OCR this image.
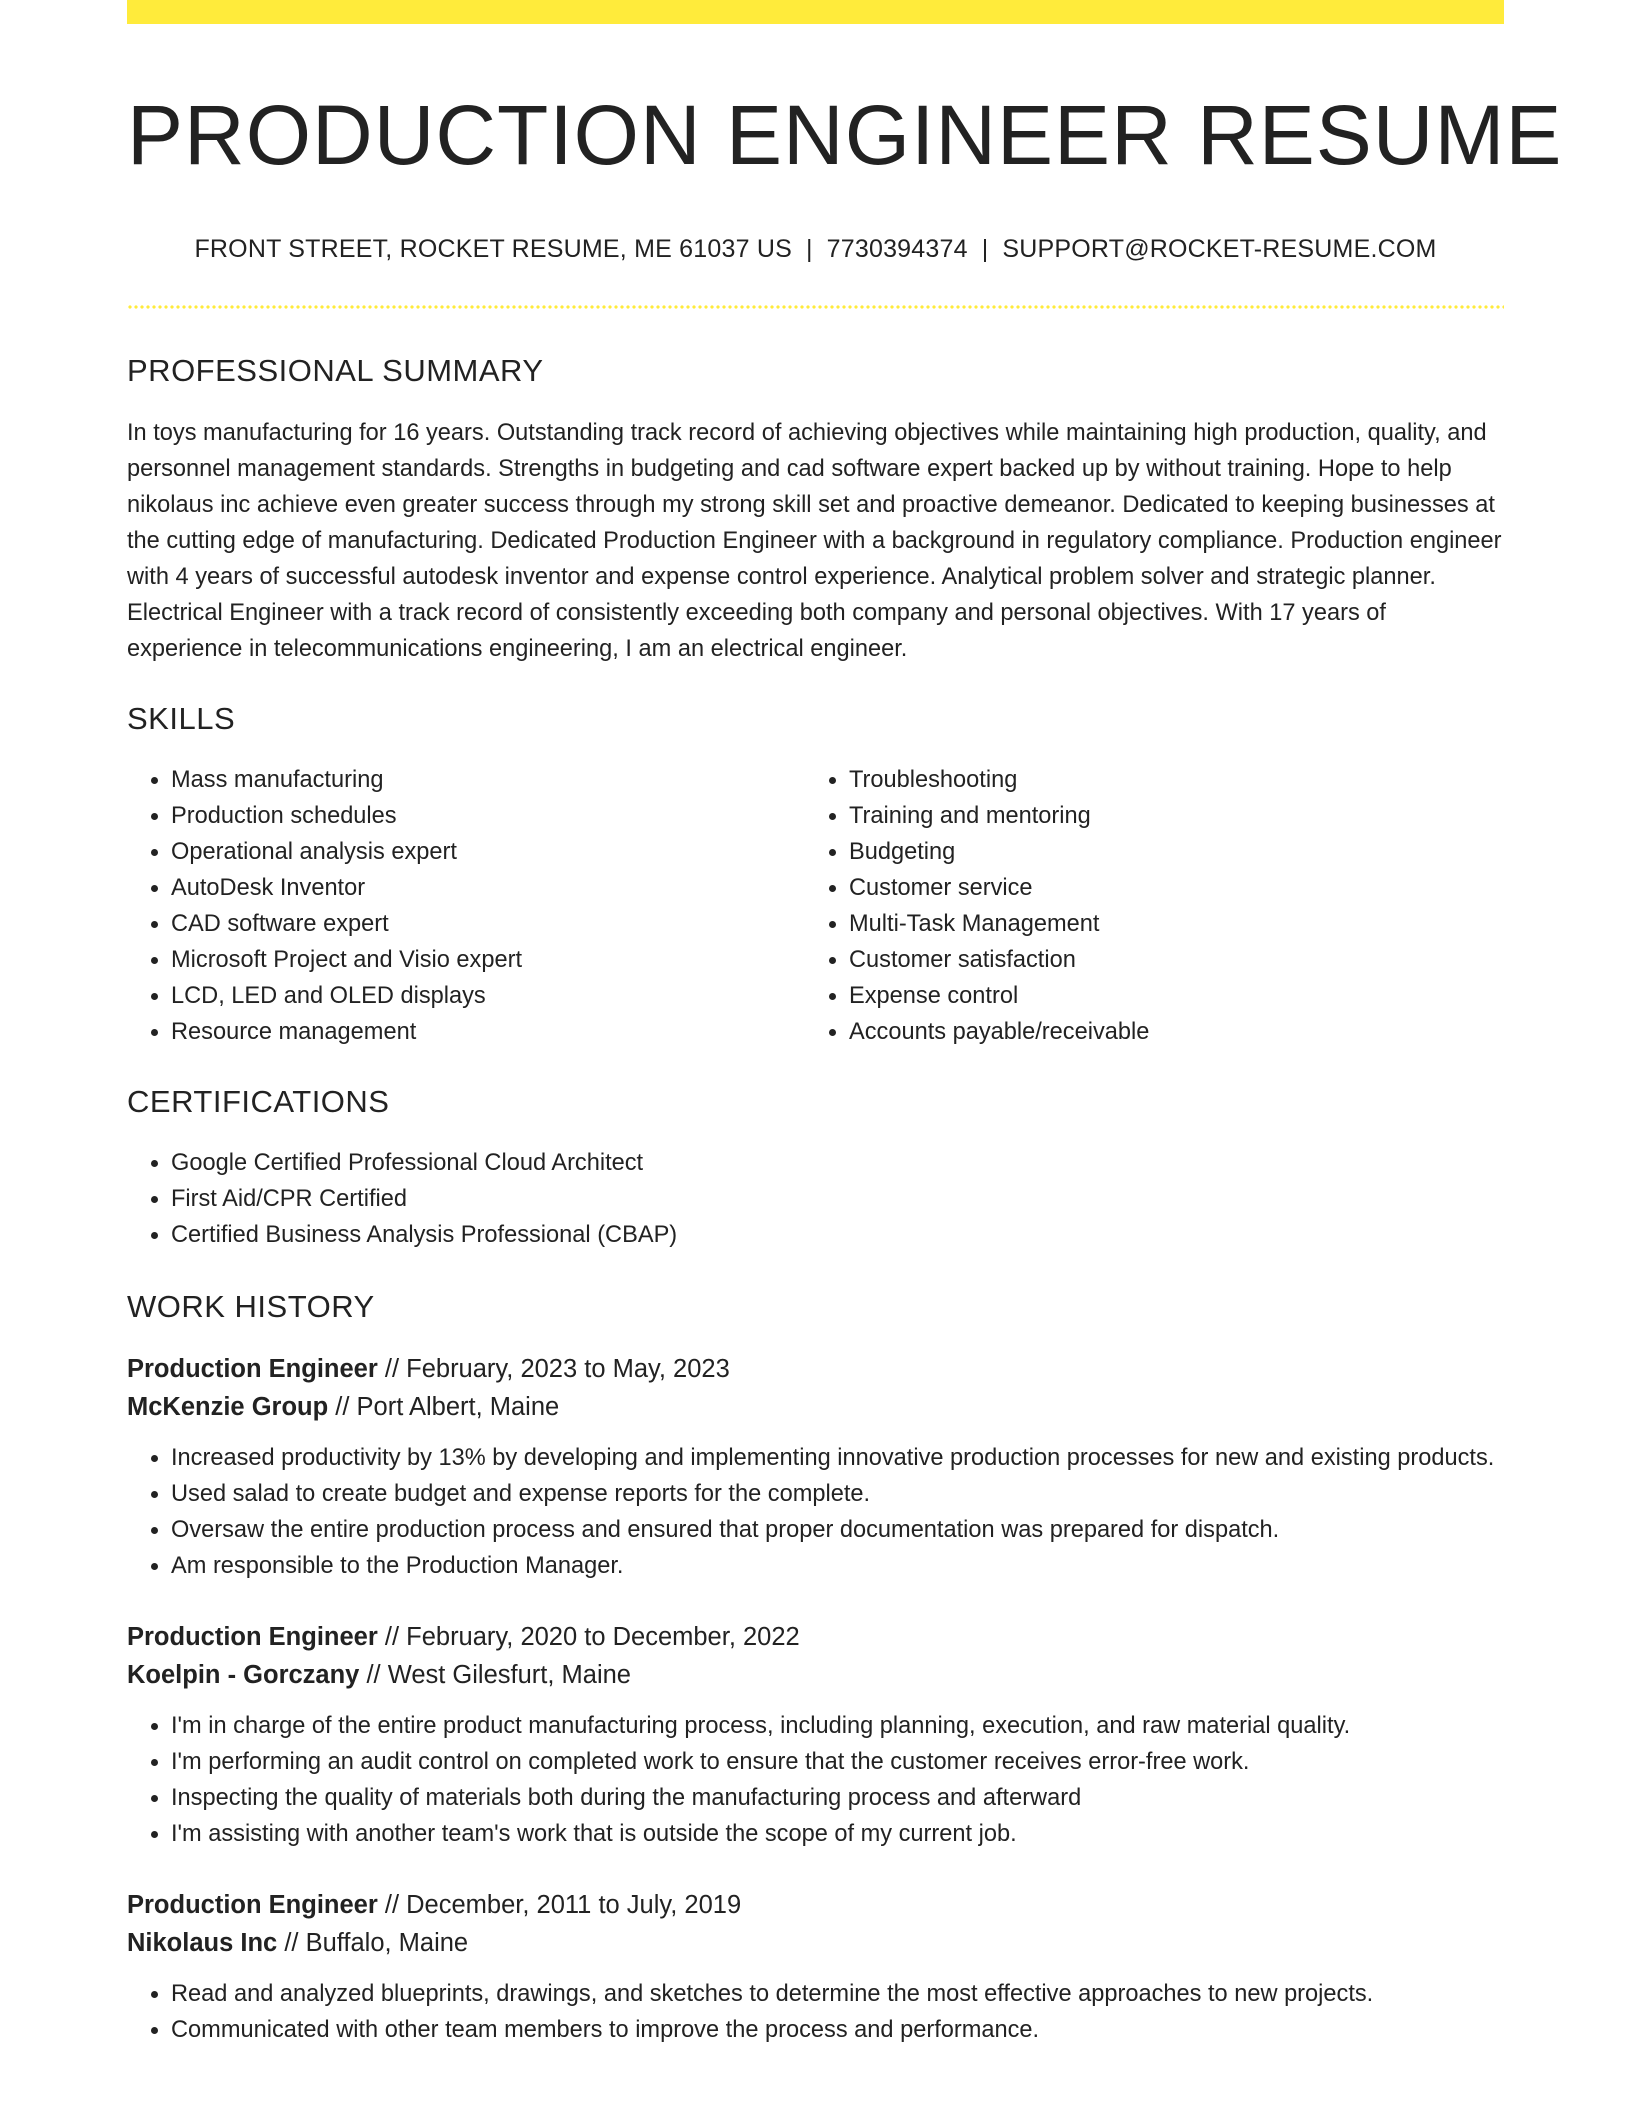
PRODUCTION ENGINEER RESUME
FRONT STREET, ROCKET RESUME, ME 61037 US | 7730394374 | SUPPORT@ROCKET-RESUME.COM
PROFESSIONAL SUMMARY

In toys manufacturing for 16 years. Outstanding track record of achieving objectives while maintaining high production, quality, and personnel management standards. Strengths in budgeting and cad software expert backed up by without training. Hope to help nikolaus inc achieve even greater success through my strong skill set and proactive demeanor. Dedicated to keeping businesses at the cutting edge of manufacturing. Dedicated Production Engineer with a background in regulatory compliance. Production engineer with 4 years of successful autodesk inventor and expense control experience. Analytical problem solver and strategic planner. Electrical Engineer with a track record of consistently exceeding both company and personal objectives. With 17 years of experience in telecommunications engineering, I am an electrical engineer.

SKILLS
• Mass manufacturing
• Production schedules
• Operational analysis expert
• AutoDesk Inventor
• CAD software expert
• Microsoft Project and Visio expert
• LCD, LED and OLED displays
• Resource management
• Troubleshooting
• Training and mentoring
• Budgeting
• Customer service
• Multi-Task Management
• Customer satisfaction
• Expense control
• Accounts payable/receivable
CERTIFICATIONS
• Google Certified Professional Cloud Architect
• First Aid/CPR Certified
• Certified Business Analysis Professional (CBAP)
WORK HISTORY
Production Engineer // February, 2023 to May, 2023
McKenzie Group // Port Albert, Maine
• Increased productivity by 13% by developing and implementing innovative production processes for new and existing products.
• Used salad to create budget and expense reports for the complete.
• Oversaw the entire production process and ensured that proper documentation was prepared for dispatch.
• Am responsible to the Production Manager.
Production Engineer // February, 2020 to December, 2022
Koelpin - Gorczany // West Gilesfurt, Maine
• I'm in charge of the entire product manufacturing process, including planning, execution, and raw material quality.
• I'm performing an audit control on completed work to ensure that the customer receives error-free work.
• Inspecting the quality of materials both during the manufacturing process and afterward
• I'm assisting with another team's work that is outside the scope of my current job.
Production Engineer // December, 2011 to July, 2019
Nikolaus Inc // Buffalo, Maine
• Read and analyzed blueprints, drawings, and sketches to determine the most effective approaches to new projects.
• Communicated with other team members to improve the process and performance.
